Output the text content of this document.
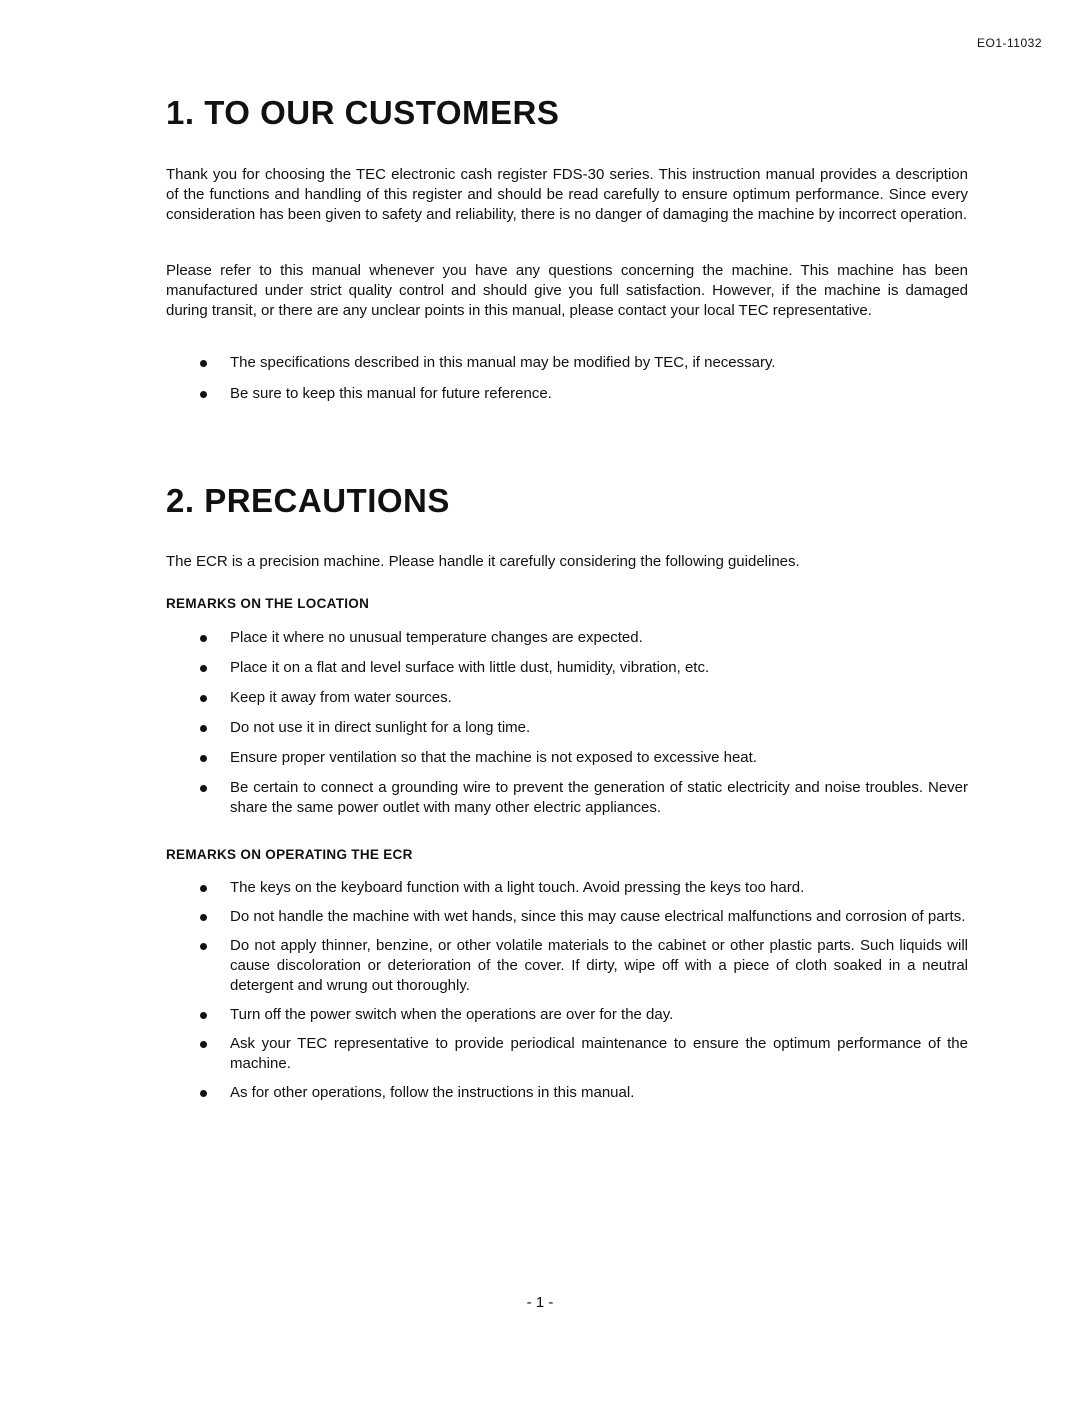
EO1-11032
1. TO OUR CUSTOMERS

Thank you for choosing the TEC electronic cash register FDS-30 series. This instruction manual provides a description of the functions and handling of this register and should be read carefully to ensure optimum performance. Since every consideration has been given to safety and reliability, there is no danger of damaging the machine by incorrect operation.

Please refer to this manual whenever you have any questions concerning the machine. This machine has been manufactured under strict quality control and should give you full satisfaction. However, if the machine is damaged during transit, or there are any unclear points in this manual, please contact your local TEC representative.

The specifications described in this manual may be modified by TEC, if necessary.
Be sure to keep this manual for future reference.
2. PRECAUTIONS

The ECR is a precision machine. Please handle it carefully considering the following guidelines.

REMARKS ON THE LOCATION
Place it where no unusual temperature changes are expected.
Place it on a flat and level surface with little dust, humidity, vibration, etc.
Keep it away from water sources.
Do not use it in direct sunlight for a long time.
Ensure proper ventilation so that the machine is not exposed to excessive heat.
Be certain to connect a grounding wire to prevent the generation of static electricity and noise troubles. Never share the same power outlet with many other electric appliances.
REMARKS ON OPERATING THE ECR
The keys on the keyboard function with a light touch. Avoid pressing the keys too hard.
Do not handle the machine with wet hands, since this may cause electrical malfunctions and corrosion of parts.
Do not apply thinner, benzine, or other volatile materials to the cabinet or other plastic parts. Such liquids will cause discoloration or deterioration of the cover. If dirty, wipe off with a piece of cloth soaked in a neutral detergent and wrung out thoroughly.
Turn off the power switch when the operations are over for the day.
Ask your TEC representative to provide periodical maintenance to ensure the optimum performance of the machine.
As for other operations, follow the instructions in this manual.
- 1 -
